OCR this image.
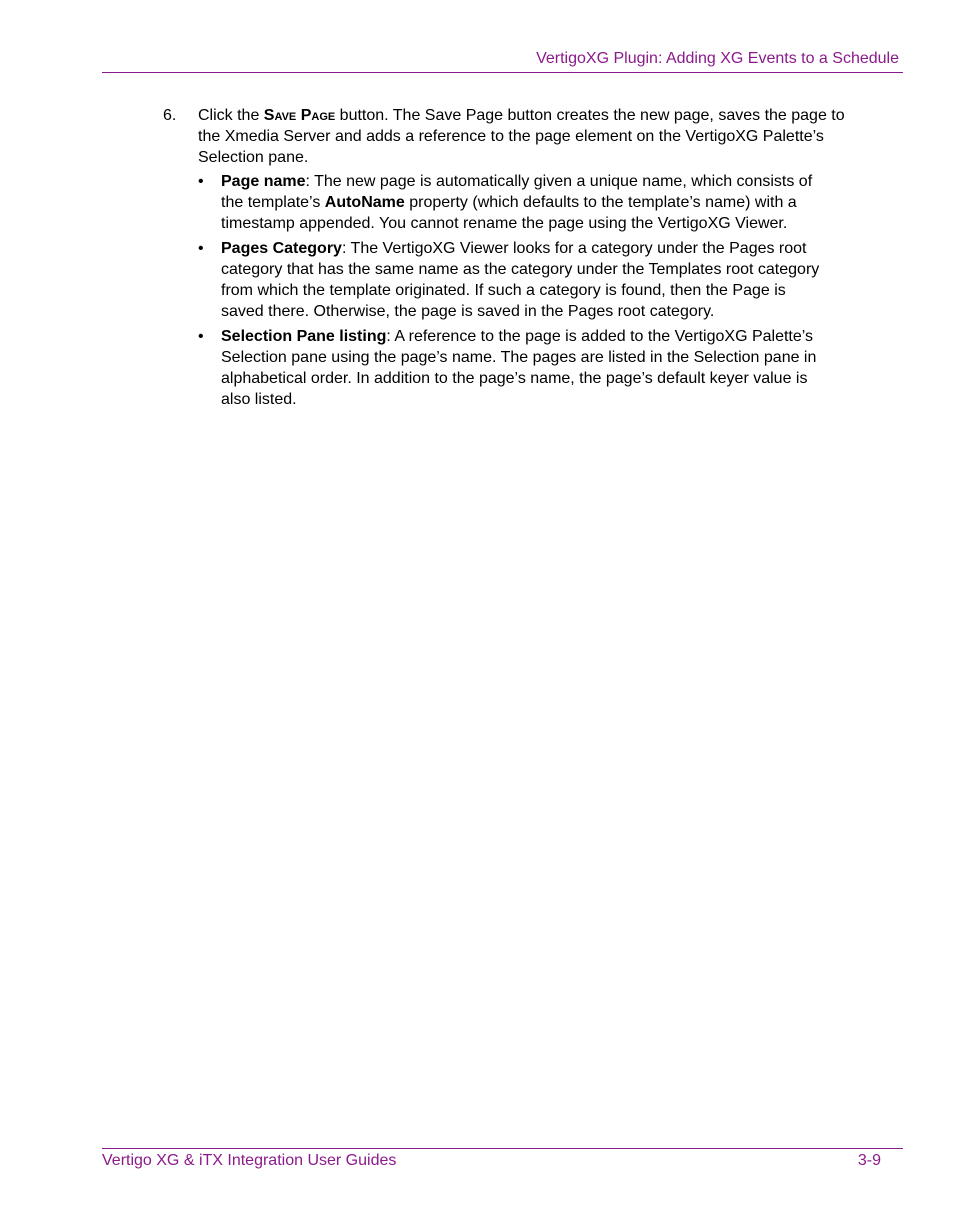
VertigoXG Plugin: Adding XG Events to a Schedule
6. Click the Save Page button. The Save Page button creates the new page, saves the page to the Xmedia Server and adds a reference to the page element on the VertigoXG Palette’s Selection pane.

• Page name: The new page is automatically given a unique name, which consists of the template’s AutoName property (which defaults to the template’s name) with a timestamp appended. You cannot rename the page using the VertigoXG Viewer.
• Pages Category: The VertigoXG Viewer looks for a category under the Pages root category that has the same name as the category under the Templates root category from which the template originated. If such a category is found, then the Page is saved there. Otherwise, the page is saved in the Pages root category.
• Selection Pane listing: A reference to the page is added to the VertigoXG Palette’s Selection pane using the page’s name. The pages are listed in the Selection pane in alphabetical order. In addition to the page’s name, the page’s default keyer value is also listed.
Vertigo XG & iTX Integration User Guides	3-9
